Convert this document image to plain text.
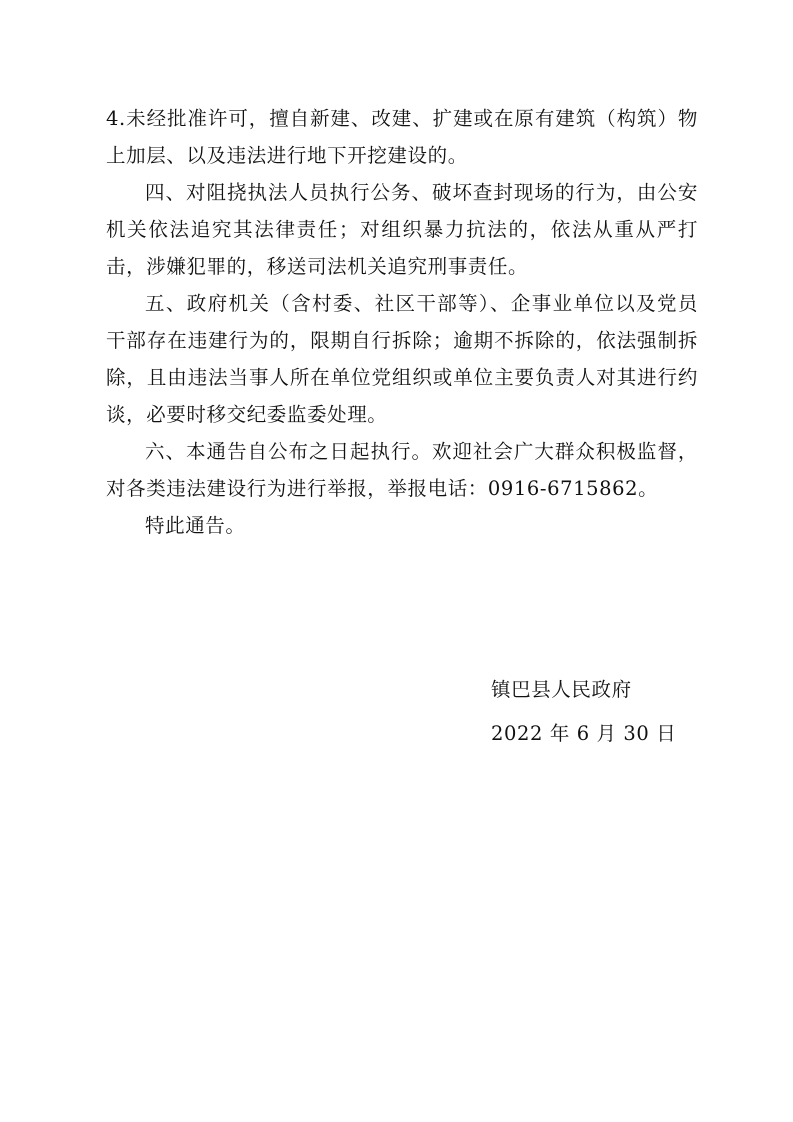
4.未经批准许可，擅自新建、改建、扩建或在原有建筑（构筑）物上加层、以及违法进行地下开挖建设的。

四、对阻挠执法人员执行公务、破坏查封现场的行为，由公安机关依法追究其法律责任；对组织暴力抗法的，依法从重从严打击，涉嫌犯罪的，移送司法机关追究刑事责任。

五、政府机关（含村委、社区干部等）、企事业单位以及党员干部存在违建行为的，限期自行拆除；逾期不拆除的，依法强制拆除，且由违法当事人所在单位党组织或单位主要负责人对其进行约谈，必要时移交纪委监委处理。

六、本通告自公布之日起执行。欢迎社会广大群众积极监督，对各类违法建设行为进行举报，举报电话：0916-6715862。

特此通告。

镇巴县人民政府

2022 年 6 月 30 日
